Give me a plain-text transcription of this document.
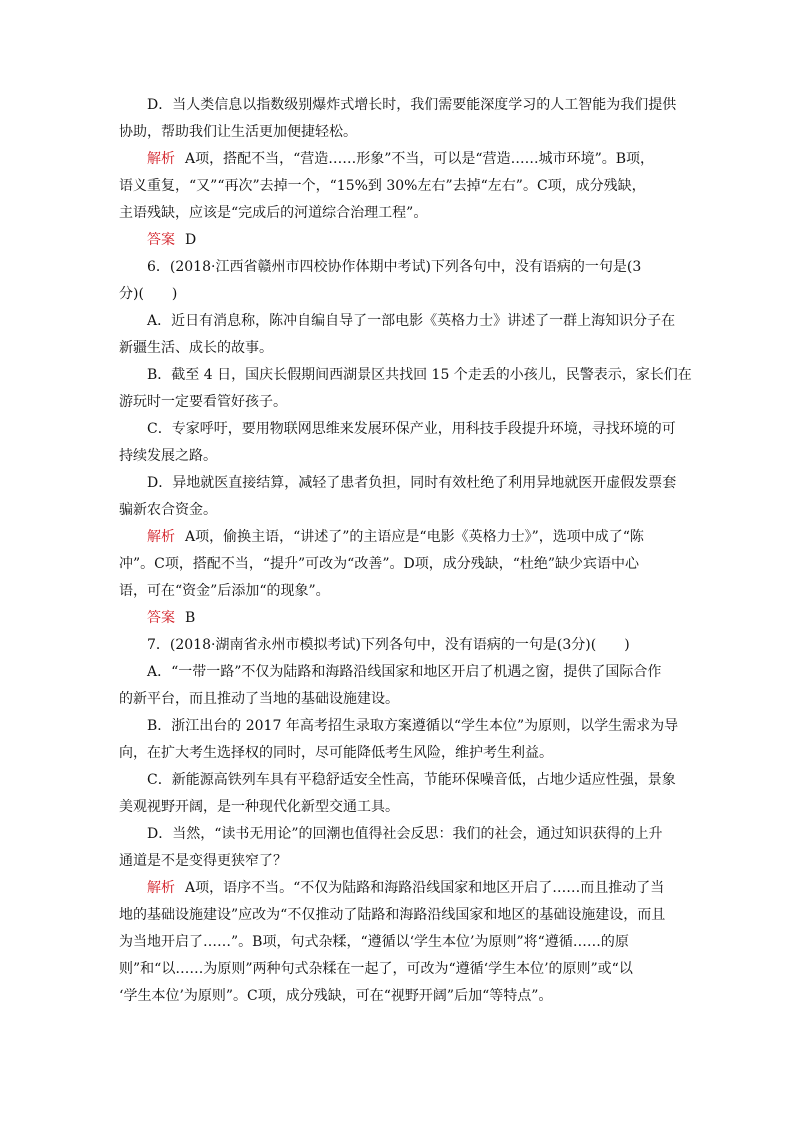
D．当人类信息以指数级别爆炸式增长时，我们需要能深度学习的人工智能为我们提供
协助，帮助我们让生活更加便捷轻松。
解析 A项，搭配不当，“营造……形象”不当，可以是“营造……城市环境”。B项，
语义重复，“又”“再次”去掉一个，“15%到 30%左右”去掉“左右”。C项，成分残缺，
主语残缺，应该是“完成后的河道综合治理工程”。
答案 D
6．(2018·江西省赣州市四校协作体期中考试)下列各句中，没有语病的一句是(3
分)(　　)
A．近日有消息称，陈冲自编自导了一部电影《英格力士》讲述了一群上海知识分子在
新疆生活、成长的故事。
B．截至 4 日，国庆长假期间西湖景区共找回 15 个走丢的小孩儿，民警表示，家长们在
游玩时一定要看管好孩子。
C．专家呼吁，要用物联网思维来发展环保产业，用科技手段提升环境，寻找环境的可
持续发展之路。
D．异地就医直接结算，减轻了患者负担，同时有效杜绝了利用异地就医开虚假发票套
骗新农合资金。
解析 A项，偷换主语，“讲述了”的主语应是“电影《英格力士》”，选项中成了“陈
冲”。C项，搭配不当，“提升”可改为“改善”。D项，成分残缺，“杜绝”缺少宾语中心
语，可在“资金”后添加“的现象”。
答案 B
7．(2018·湖南省永州市模拟考试)下列各句中，没有语病的一句是(3分)(　　)
A．“一带一路”不仅为陆路和海路沿线国家和地区开启了机遇之窗，提供了国际合作
的新平台，而且推动了当地的基础设施建设。
B．浙江出台的 2017 年高考招生录取方案遵循以“学生本位”为原则，以学生需求为导
向，在扩大考生选择权的同时，尽可能降低考生风险，维护考生利益。
C．新能源高铁列车具有平稳舒适安全性高，节能环保噪音低，占地少适应性强，景象
美观视野开阔，是一种现代化新型交通工具。
D．当然，“读书无用论”的回潮也值得社会反思：我们的社会，通过知识获得的上升
通道是不是变得更狭窄了？
解析 A项，语序不当。“不仅为陆路和海路沿线国家和地区开启了……而且推动了当
地的基础设施建设”应改为“不仅推动了陆路和海路沿线国家和地区的基础设施建设，而且
为当地开启了……”。B项，句式杂糅，“遵循以‘学生本位’为原则”将“遵循……的原
则”和“以……为原则”两种句式杂糅在一起了，可改为“遵循‘学生本位’的原则”或“以
‘学生本位’为原则”。C项，成分残缺，可在“视野开阔”后加“等特点”。
